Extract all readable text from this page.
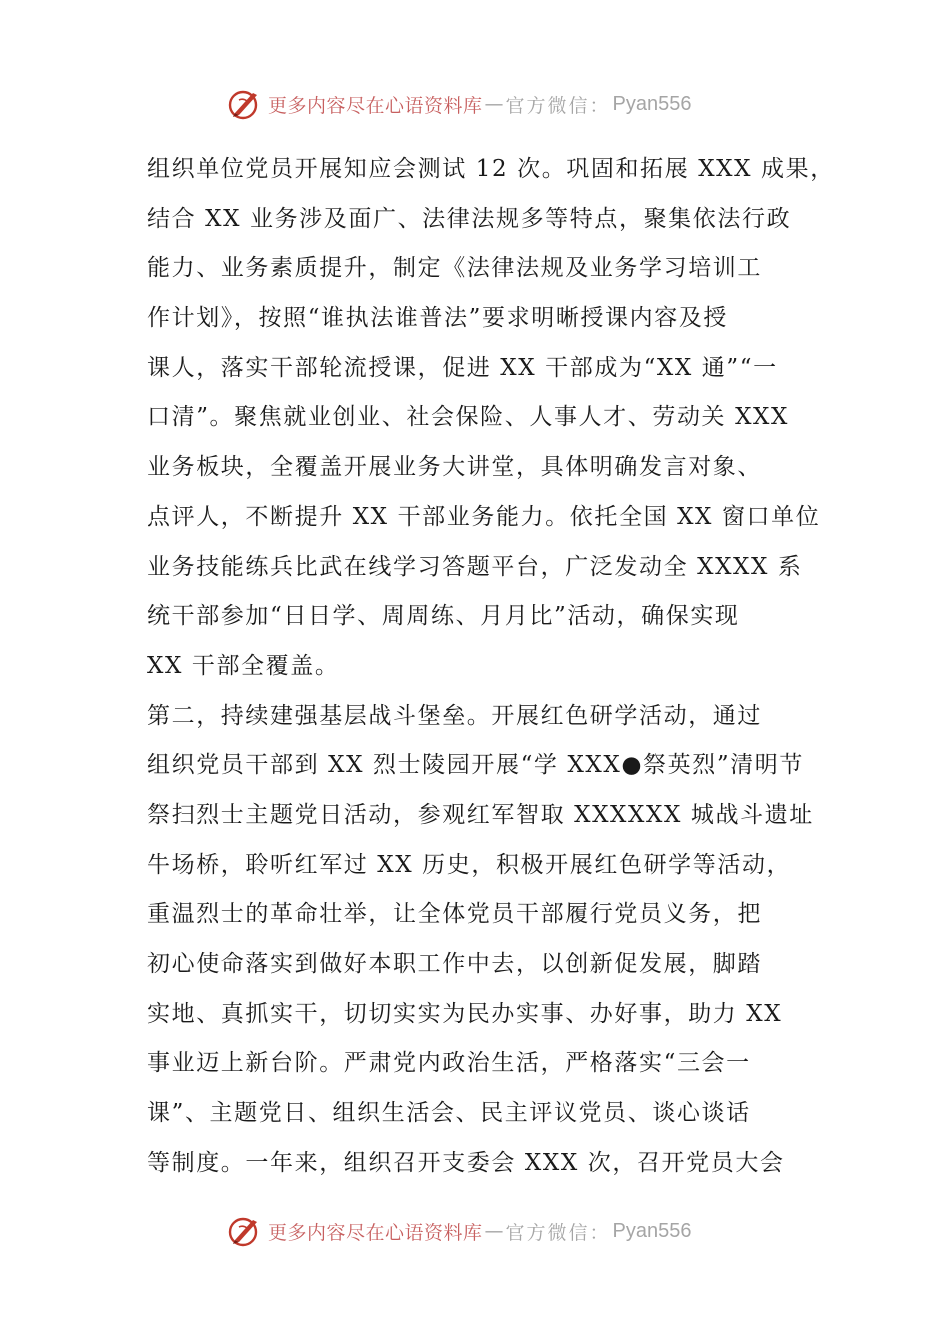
更多内容尽在心语资料库 — 官方微信： Pyan556
组织单位党员开展知应会测试 12 次。巩固和拓展 XXX 成果，
结合 XX 业务涉及面广、法律法规多等特点，聚集依法行政
能力、业务素质提升，制定《法律法规及业务学习培训工
作计划》，按照“谁执法谁普法”要求明晰授课内容及授
课人，落实干部轮流授课，促进 XX 干部成为“XX 通”“一
口清”。聚焦就业创业、社会保险、人事人才、劳动关 XXX
业务板块，全覆盖开展业务大讲堂，具体明确发言对象、
点评人，不断提升 XX 干部业务能力。依托全国 XX 窗口单位
业务技能练兵比武在线学习答题平台，广泛发动全 XXXX 系
统干部参加“日日学、周周练、月月比”活动，确保实现
XX 干部全覆盖。
第二，持续建强基层战斗堡垒。开展红色研学活动，通过
组织党员干部到 XX 烈士陵园开展“学 XXX●祭英烈”清明节
祭扫烈士主题党日活动，参观红军智取 XXXXXX 城战斗遗址
牛场桥，聆听红军过 XX 历史，积极开展红色研学等活动，
重温烈士的革命壮举，让全体党员干部履行党员义务，把
初心使命落实到做好本职工作中去，以创新促发展，脚踏
实地、真抓实干，切切实实为民办实事、办好事，助力 XX
事业迈上新台阶。严肃党内政治生活，严格落实“三会一
课”、主题党日、组织生活会、民主评议党员、谈心谈话
等制度。一年来，组织召开支委会 XXX 次，召开党员大会
更多内容尽在心语资料库 — 官方微信： Pyan556
